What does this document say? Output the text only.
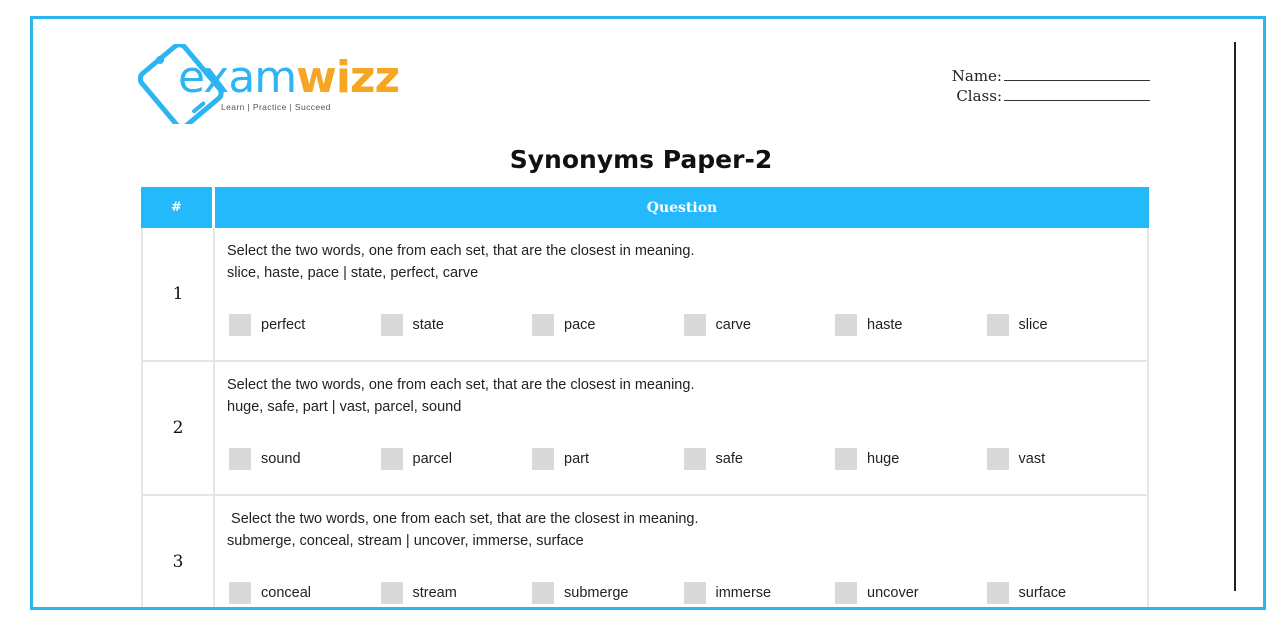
examwizz
Learn | Practice | Succeed
Name:
Class:
Synonyms Paper-2
#	Question
1
Select the two words, one from each set, that are the closest in meaning.
slice, haste, pace | state, perfect, carve
perfect	state	pace	carve	haste	slice
2
Select the two words, one from each set, that are the closest in meaning.
huge, safe, part | vast, parcel, sound
sound	parcel	part	safe	huge	vast
3
Select the two words, one from each set, that are the closest in meaning.
submerge, conceal, stream | uncover, immerse, surface
conceal	stream	submerge	immerse	uncover	surface
